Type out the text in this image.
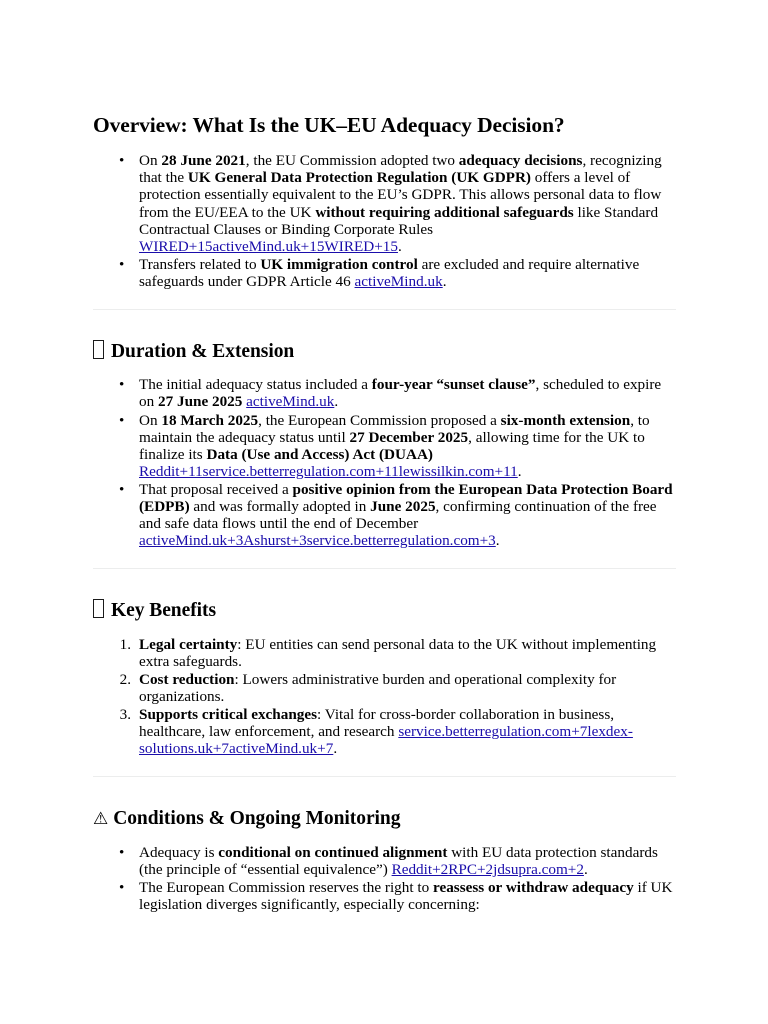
Overview: What Is the UK–EU Adequacy Decision?
• On 28 June 2021, the EU Commission adopted two adequacy decisions, recognizing that the UK General Data Protection Regulation (UK GDPR) offers a level of protection essentially equivalent to the EU’s GDPR. This allows personal data to flow from the EU/EEA to the UK without requiring additional safeguards like Standard Contractual Clauses or Binding Corporate Rules WIRED+15activeMind.uk+15WIRED+15.
• Transfers related to UK immigration control are excluded and require alternative safeguards under GDPR Article 46 activeMind.uk.
Duration & Extension
• The initial adequacy status included a four-year “sunset clause”, scheduled to expire on 27 June 2025 activeMind.uk.
• On 18 March 2025, the European Commission proposed a six-month extension, to maintain the adequacy status until 27 December 2025, allowing time for the UK to finalize its Data (Use and Access) Act (DUAA) Reddit+11service.betterregulation.com+11lewissilkin.com+11.
• That proposal received a positive opinion from the European Data Protection Board (EDPB) and was formally adopted in June 2025, confirming continuation of the free and safe data flows until the end of December activeMind.uk+3Ashurst+3service.betterregulation.com+3.
Key Benefits
Legal certainty: EU entities can send personal data to the UK without implementing extra safeguards.
Cost reduction: Lowers administrative burden and operational complexity for organizations.
Supports critical exchanges: Vital for cross-border collaboration in business, healthcare, law enforcement, and research service.betterregulation.com+7lexdex-solutions.uk+7activeMind.uk+7.
⚠ Conditions & Ongoing Monitoring
• Adequacy is conditional on continued alignment with EU data protection standards (the principle of “essential equivalence”) Reddit+2RPC+2jdsupra.com+2.
• The European Commission reserves the right to reassess or withdraw adequacy if UK legislation diverges significantly, especially concerning:
